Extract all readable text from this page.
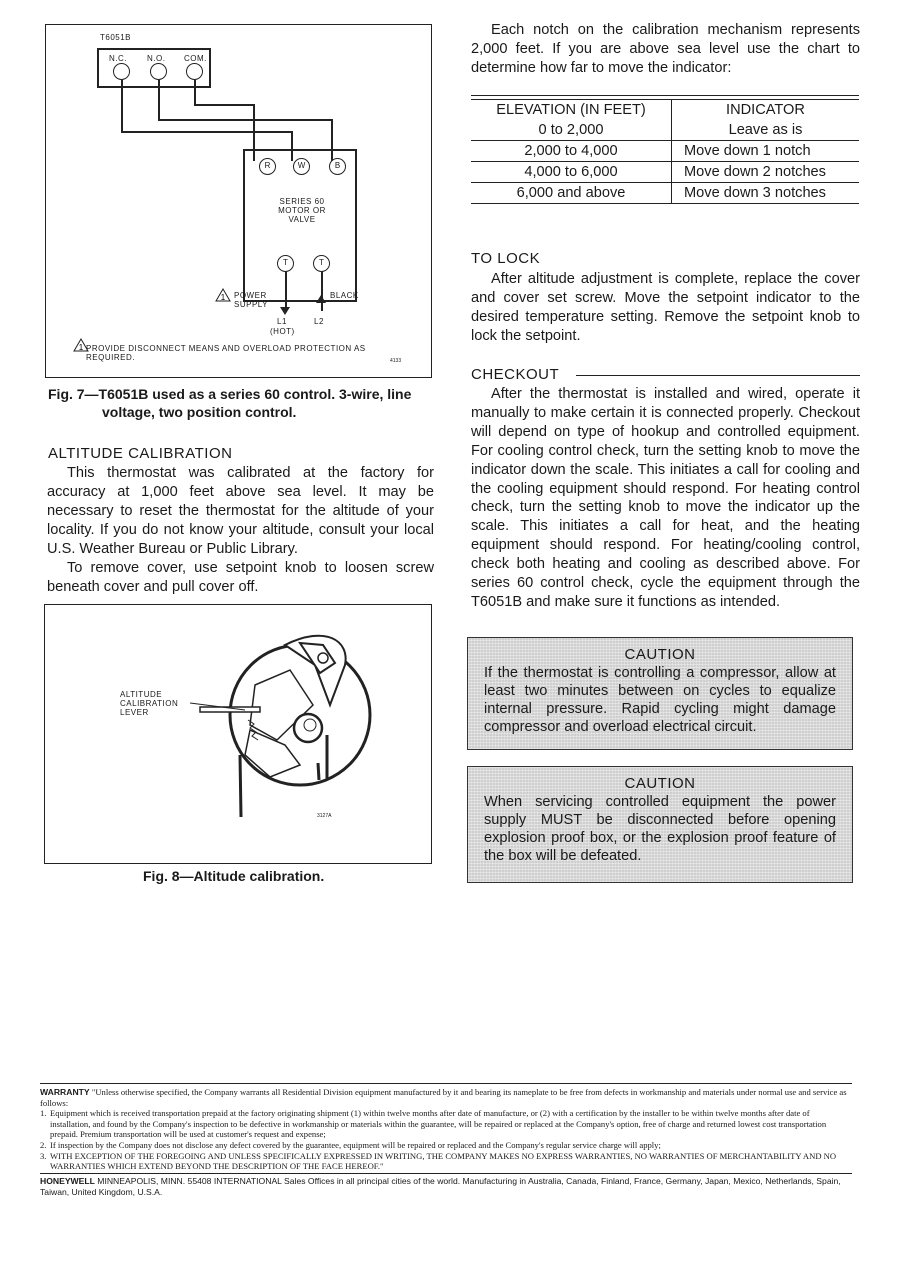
T6051B
N.C.	N.O. COM.
R	W	B
SERIES 60
MOTOR OR
VALVE
T	T
1 POWER
SUPPLY
BLACK
L1	L2
(HOT)
1 PROVIDE DISCONNECT MEANS AND OVERLOAD PROTECTION AS
REQUIRED.	4133
Fig. 7—T6051B used as a series 60 control. 3-wire, line
voltage, two position control.
ALTITUDE CALIBRATION

This thermostat was calibrated at the factory for accuracy at 1,000 feet above sea level. It may be necessary to reset the thermostat for the altitude of your locality. If you do not know your altitude, consult your local U.S. Weather Bureau or Public Library.

To remove cover, use setpoint knob to loosen screw beneath cover and pull cover off.

ALTITUDE
CALIBRATION
LEVER
3127A
Fig. 8—Altitude calibration.

Each notch on the calibration mechanism represents 2,000 feet. If you are above sea level use the chart to determine how far to move the indicator:

ELEVATION (IN FEET)	INDICATOR
0 to 2,000	Leave as is
2,000 to 4,000	Move down 1 notch
4,000 to 6,000	Move down 2 notches
6,000 and above	Move down 3 notches
TO LOCK

After altitude adjustment is complete, replace the cover and cover set screw. Move the setpoint indicator to the desired temperature setting. Remove the setpoint knob to lock the setpoint.

CHECKOUT

After the thermostat is installed and wired, operate it manually to make certain it is connected properly. Checkout will depend on type of hookup and controlled equipment. For cooling control check, turn the setting knob to move the indicator down the scale. This initiates a call for cooling and the cooling equipment should respond. For heating control check, turn the setting knob to move the indicator up the scale. This initiates a call for heat, and the heating equipment should respond. For heating/cooling control, check both heating and cooling as described above. For series 60 control check, cycle the equipment through the T6051B and make sure it functions as intended.

CAUTION
If the thermostat is controlling a compressor, allow at least two minutes between on cycles to equalize internal pressure. Rapid cycling might damage compressor and overload electrical circuit.
CAUTION
When servicing controlled equipment the power supply MUST be disconnected before opening explosion proof box, or the explosion proof feature of the box will be defeated.
WARRANTY "Unless otherwise specified, the Company warrants all Residential Division equipment manufactured by it and bearing its nameplate to be free from defects in workmanship and materials under normal use and service as follows:
1. Equipment which is received transportation prepaid at the factory originating shipment (1) within twelve months after date of manufacture, or (2) with a certification by the installer to be within twelve months after date of installation, and found by the Company's inspection to be defective in workmanship or materials within the guarantee, will be repaired or replaced at the Company's option, free of charge and returned lowest cost transportation prepaid. Premium transportation will be used at customer's request and expense;
2. If inspection by the Company does not disclose any defect covered by the guarantee, equipment will be repaired or replaced and the Company's regular service charge will apply;
3. WITH EXCEPTION OF THE FOREGOING AND UNLESS SPECIFICALLY EXPRESSED IN WRITING, THE COMPANY MAKES NO EXPRESS WARRANTIES, NO WARRANTIES OF MERCHANTABILITY AND NO WARRANTIES WHICH EXTEND BEYOND THE DESCRIPTION OF THE FACE HEREOF."
HONEYWELL MINNEAPOLIS, MINN. 55408 INTERNATIONAL Sales Offices in all principal cities of the world. Manufacturing in Australia, Canada, Finland, France, Germany, Japan, Mexico, Netherlands, Spain, Taiwan, United Kingdom, U.S.A.
